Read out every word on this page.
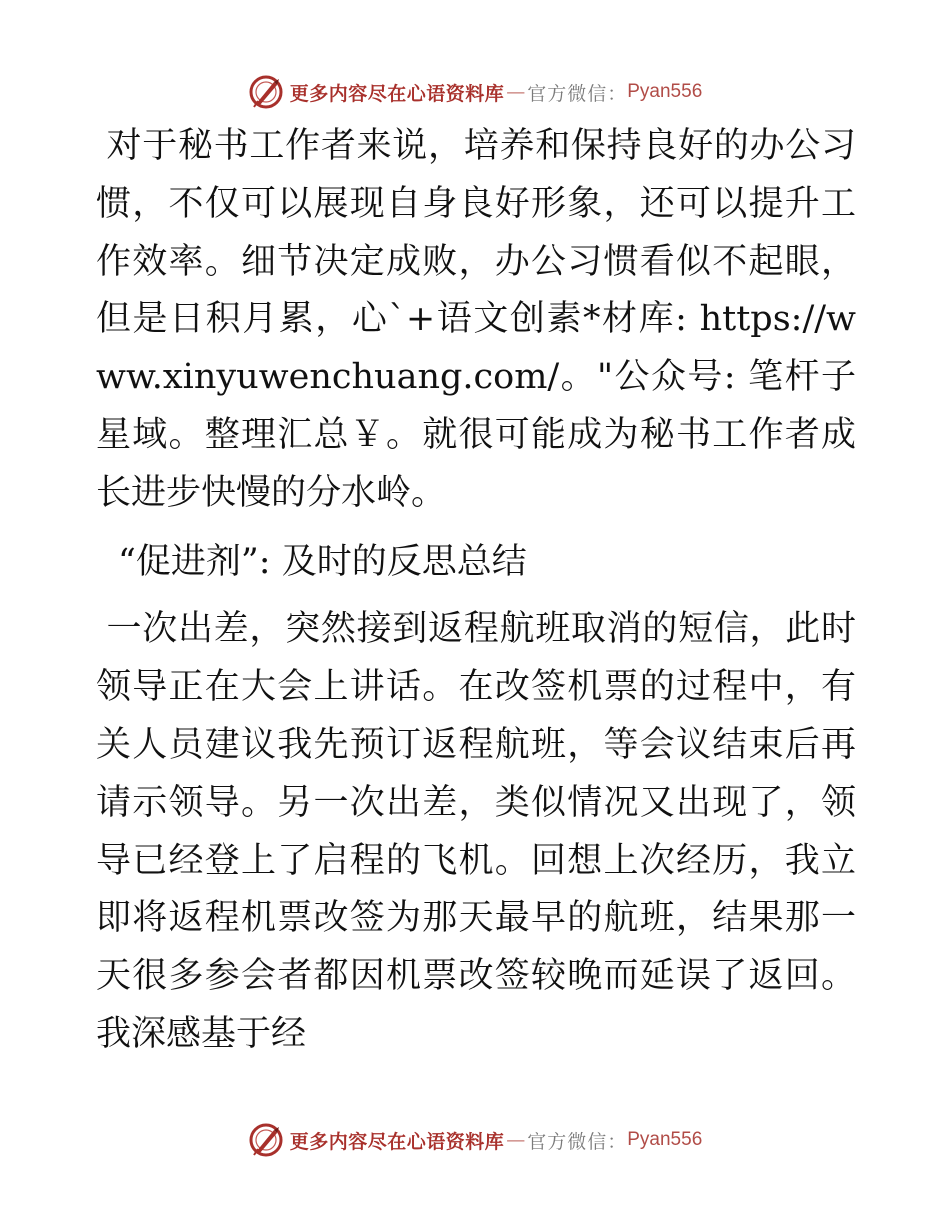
更多内容尽在心语资料库 — 官方微信： Pyan556

对于秘书工作者来说，培养和保持良好的办公习惯，不仅可以展现自身良好形象，还可以提升工作效率。细节决定成败，办公习惯看似不起眼，但是日积月累，心`+语文创素*材库: https://www.xinyuwenchuang.com/。"公众号: 笔杆子星域。整理汇总￥。就很可能成为秘书工作者成长进步快慢的分水岭。

“促进剂”: 及时的反思总结

一次出差，突然接到返程航班取消的短信，此时领导正在大会上讲话。在改签机票的过程中，有关人员建议我先预订返程航班，等会议结束后再请示领导。另一次出差，类似情况又出现了，领导已经登上了启程的飞机。回想上次经历，我立即将返程机票改签为那天最早的航班，结果那一天很多参会者都因机票改签较晚而延误了返回。我深感基于经

更多内容尽在心语资料库 — 官方微信： Pyan556
